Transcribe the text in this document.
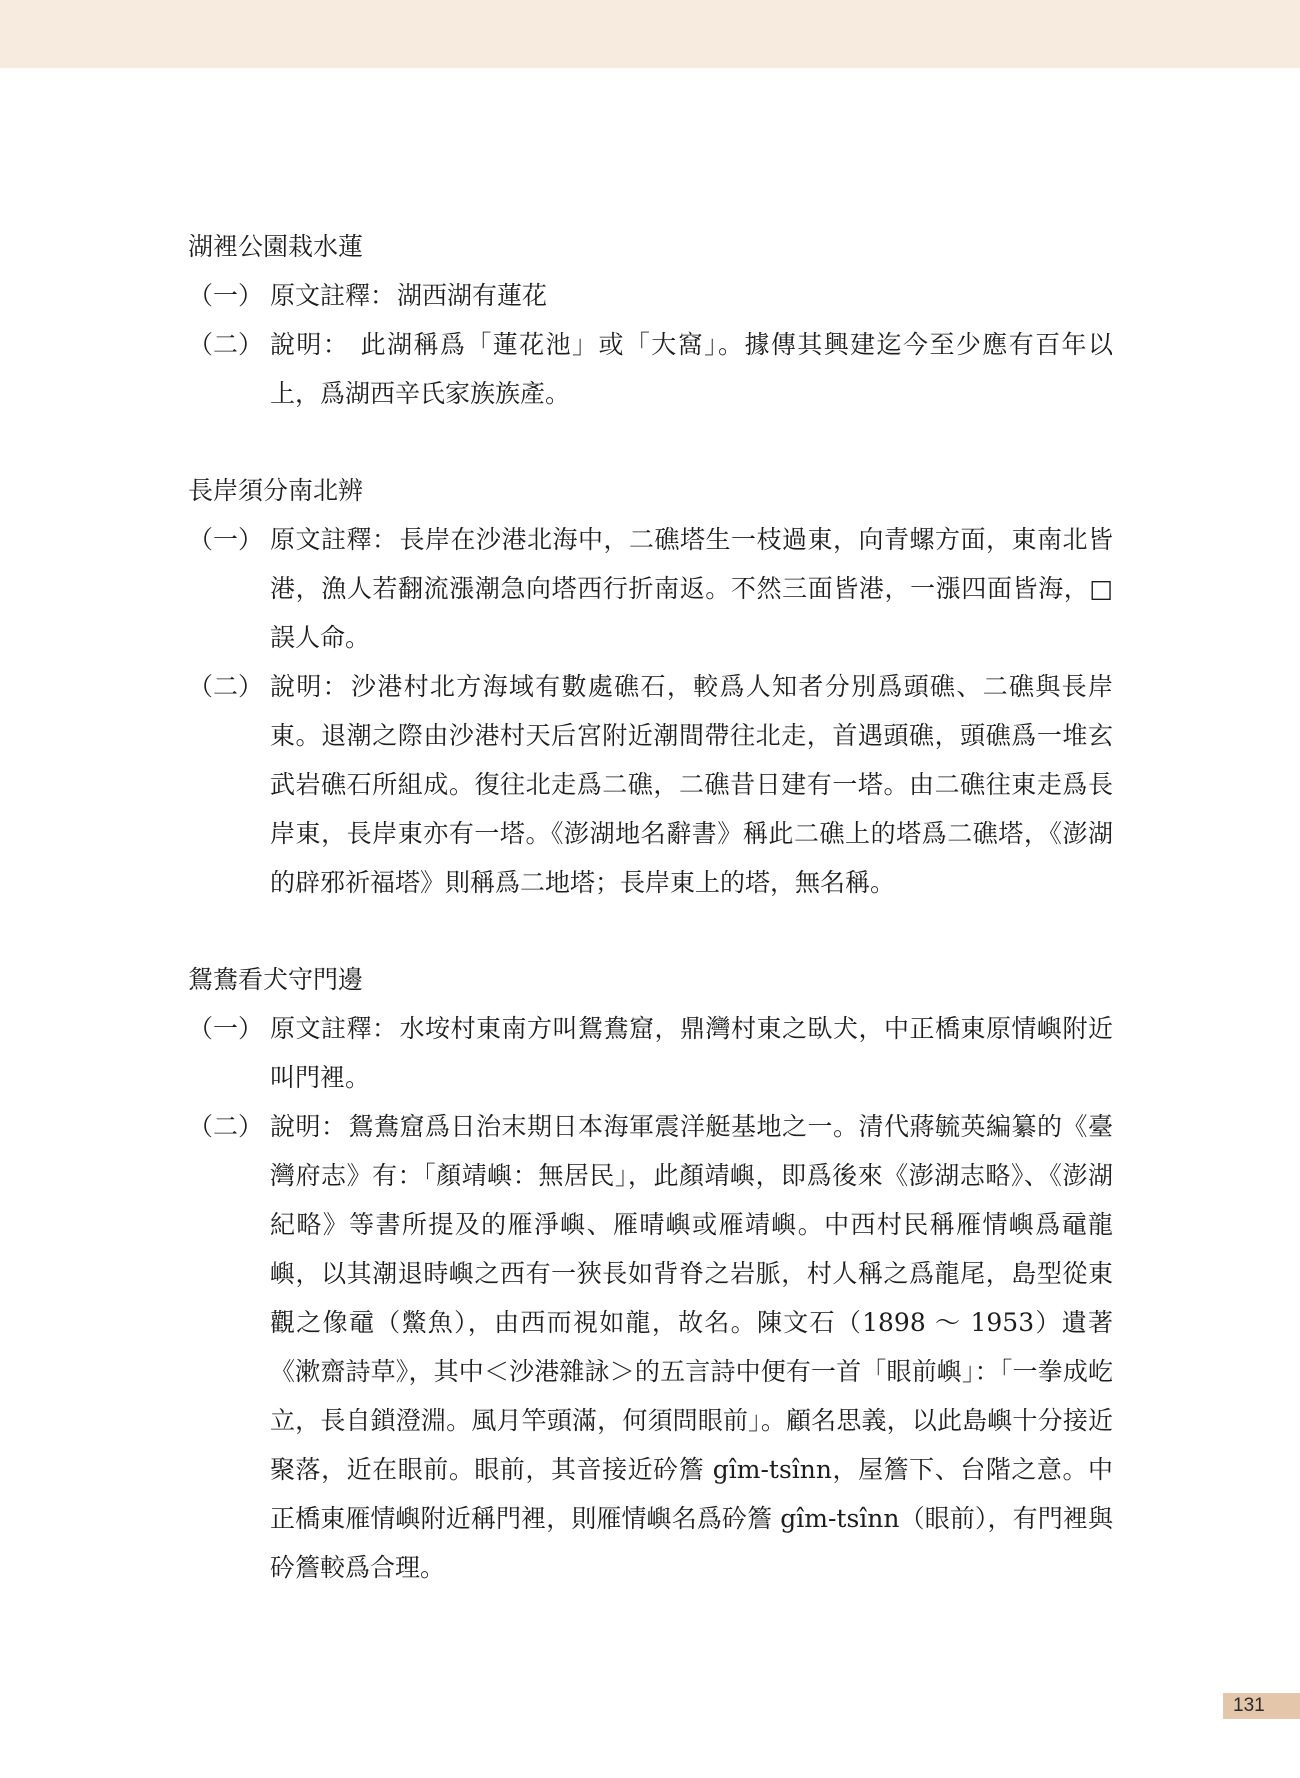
湖裡公園栽水蓮
（一） 原文註釋：湖西湖有蓮花
（二） 說明： 此湖稱爲「蓮花池」或「大窩」。據傳其興建迄今至少應有百年以上，爲湖西辛氏家族族產。
長岸須分南北辨
（一） 原文註釋：長岸在沙港北海中，二礁塔生一枝過東，向青螺方面，東南北皆港，漁人若翻流漲潮急向塔西行折南返。不然三面皆港，一漲四面皆海，□誤人命。
（二） 說明：沙港村北方海域有數處礁石，較爲人知者分別爲頭礁、二礁與長岸東。退潮之際由沙港村天后宮附近潮間帶往北走，首遇頭礁，頭礁爲一堆玄武岩礁石所組成。復往北走爲二礁，二礁昔日建有一塔。由二礁往東走爲長岸東，長岸東亦有一塔。《澎湖地名辭書》稱此二礁上的塔爲二礁塔，《澎湖的辟邪祈福塔》則稱爲二地塔；長岸東上的塔，無名稱。
鴛鴦看犬守門邊
（一） 原文註釋：水垵村東南方叫鴛鴦窟，鼎灣村東之臥犬，中正橋東原情嶼附近叫門裡。
（二） 說明：鴛鴦窟爲日治末期日本海軍震洋艇基地之一。清代蔣毓英編纂的《臺灣府志》有：「顏靖嶼：無居民」，此顏靖嶼，即爲後來《澎湖志略》、《澎湖紀略》等書所提及的雁淨嶼、雁晴嶼或雁靖嶼。中西村民稱雁情嶼爲黿龍嶼，以其潮退時嶼之西有一狹長如背脊之岩脈，村人稱之爲龍尾，島型從東觀之像黿（鱉魚），由西而視如龍，故名。陳文石（1898 ～ 1953）遺著《漱齋詩草》，其中＜沙港雜詠＞的五言詩中便有一首「眼前嶼」：「一拳成屹立，長自鎖澄淵。風月竿頭滿，何須問眼前」。顧名思義，以此島嶼十分接近聚落，近在眼前。眼前，其音接近砛簷 gîm-tsînn，屋簷下、台階之意。中正橋東雁情嶼附近稱門裡，則雁情嶼名爲砛簷 gîm-tsînn（眼前），有門裡與砛簷較爲合理。
131
